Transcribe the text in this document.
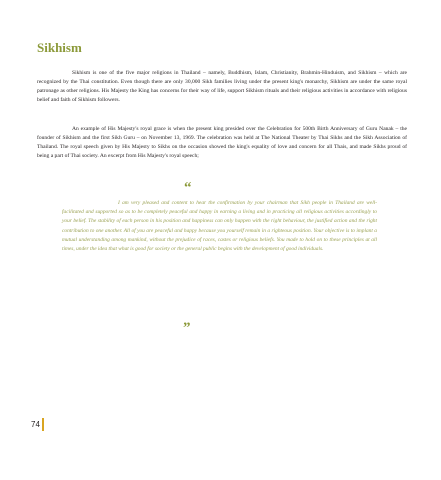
Sikhism

Sikhism is one of the five major religions in Thailand – namely, Buddhism, Islam, Christianity, Brahmin-Hinduism, and Sikhism – which are recognized by the Thai constitution. Even though there are only 30,000 Sikh families living under the present king's monarchy, Sikhism are under the same royal patronage as other religions. His Majesty the King has concerns for their way of life, support Sikhism rituals and their religious activities in accordance with religious belief and faith of Sikhism followers.

An example of His Majesty's royal grace is when the present king presided over the Celebration for 500th Birth Anniversary of Guru Nanak – the founder of Sikhism and the first Sikh Guru – on November 13, 1969. The celebration was held at The National Theater by Thai Sikhs and the Sikh Association of Thailand. The royal speech given by His Majesty to Sikhs on the occasion showed the king's equality of love and concern for all Thais, and made Sikhs proud of being a part of Thai society. An excerpt from His Majesty's royal speech;

“

I am very pleased and content to hear the confirmation by your chairman that Sikh people in Thailand are well-facilitated and supported so as to be completely peaceful and happy in earning a living and in practicing all religious activities accordingly to your belief. The stability of each person in his position and happiness can only happen with the right behaviour, the justified action and the right contribution to one another. All of you are peaceful and happy because you yourself remain in a righteous position. Your objective is to implant a mutual understanding among mankind, without the prejudice of races, castes or religious beliefs. You made to hold on to these principles at all times, under the idea that what is good for society or the general public begins with the development of good individuals.

”
74
